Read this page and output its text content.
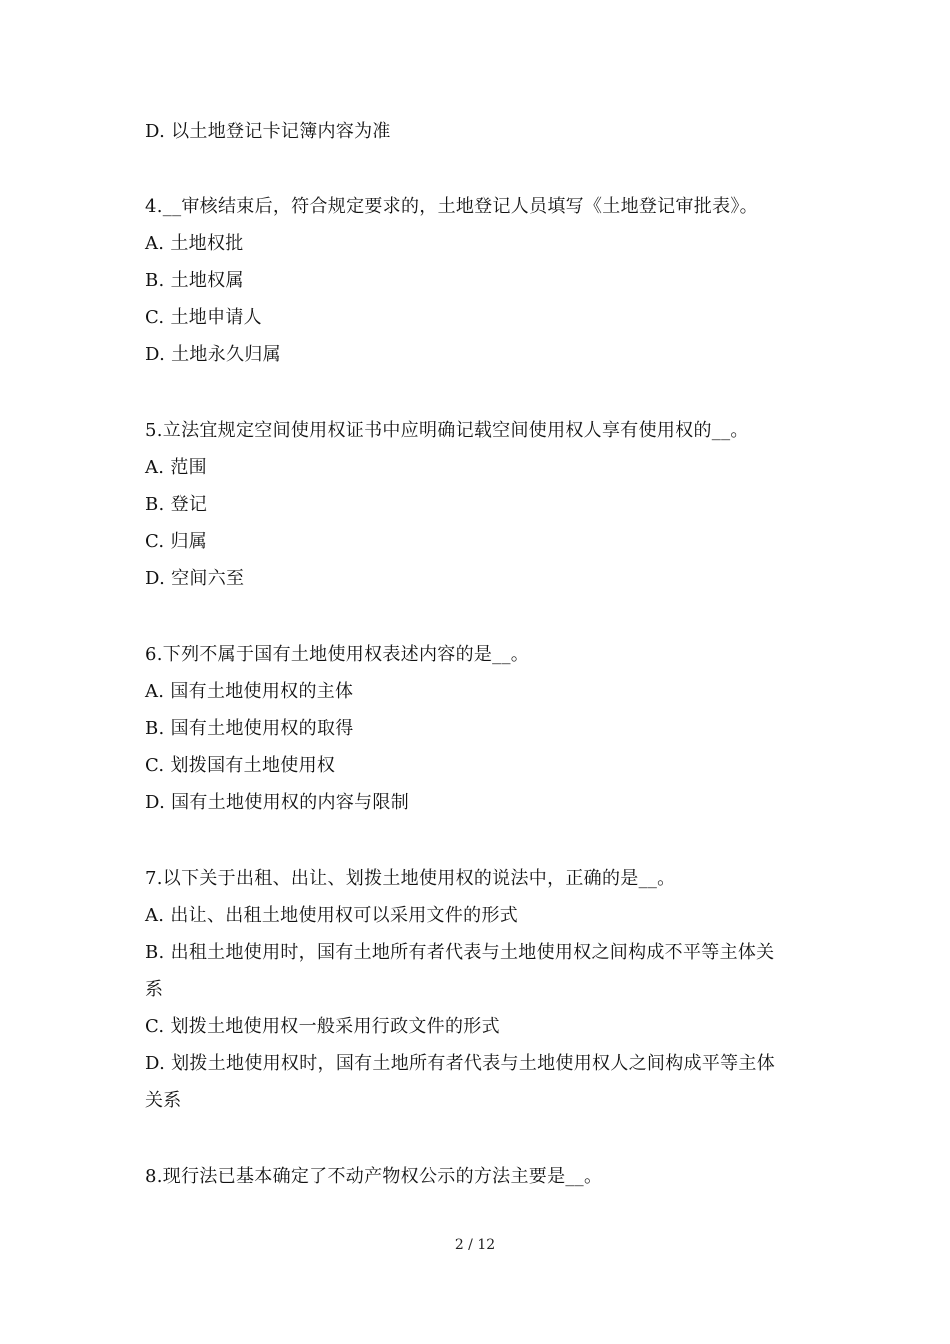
D. 以土地登记卡记簿内容为准
4.__审核结束后，符合规定要求的，土地登记人员填写《土地登记审批表》。
A. 土地权批
B. 土地权属
C. 土地申请人
D. 土地永久归属
5.立法宜规定空间使用权证书中应明确记载空间使用权人享有使用权的__。
A. 范围
B. 登记
C. 归属
D. 空间六至
6.下列不属于国有土地使用权表述内容的是__。
A. 国有土地使用权的主体
B. 国有土地使用权的取得
C. 划拨国有土地使用权
D. 国有土地使用权的内容与限制
7.以下关于出租、出让、划拨土地使用权的说法中，正确的是__。
A. 出让、出租土地使用权可以采用文件的形式
B. 出租土地使用时，国有土地所有者代表与土地使用权之间构成不平等主体关
系
C. 划拨土地使用权一般采用行政文件的形式
D. 划拨土地使用权时，国有土地所有者代表与土地使用权人之间构成平等主体
关系
8.现行法已基本确定了不动产物权公示的方法主要是__。
2 / 12
